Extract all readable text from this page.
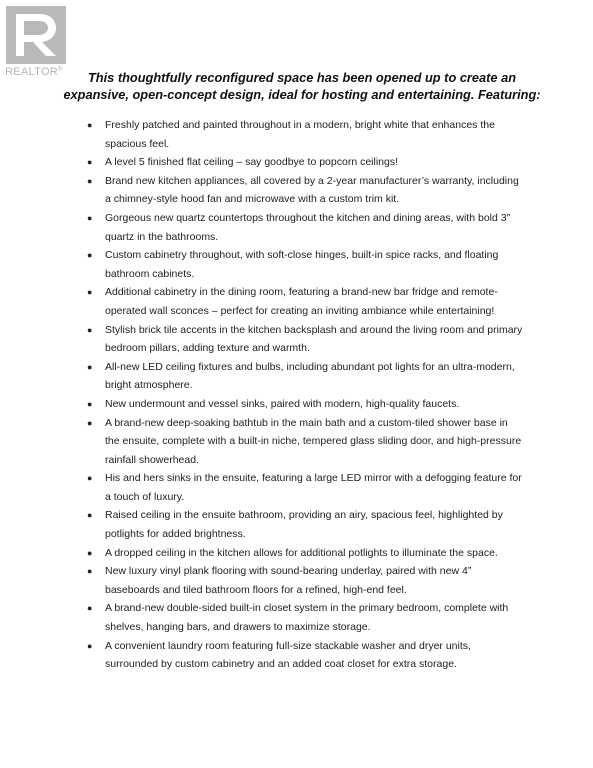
REALTOR®
This thoughtfully reconfigured space has been opened up to create an expansive, open-concept design, ideal for hosting and entertaining. Featuring:
● Freshly patched and painted throughout in a modern, bright white that enhances the spacious feel.
● A level 5 finished flat ceiling – say goodbye to popcorn ceilings!
● Brand new kitchen appliances, all covered by a 2-year manufacturer’s warranty, including a chimney-style hood fan and microwave with a custom trim kit.
● Gorgeous new quartz countertops throughout the kitchen and dining areas, with bold 3” quartz in the bathrooms.
● Custom cabinetry throughout, with soft-close hinges, built-in spice racks, and floating bathroom cabinets.
● Additional cabinetry in the dining room, featuring a brand-new bar fridge and remote-operated wall sconces – perfect for creating an inviting ambiance while entertaining!
● Stylish brick tile accents in the kitchen backsplash and around the living room and primary bedroom pillars, adding texture and warmth.
● All-new LED ceiling fixtures and bulbs, including abundant pot lights for an ultra-modern, bright atmosphere.
● New undermount and vessel sinks, paired with modern, high-quality faucets.
● A brand-new deep-soaking bathtub in the main bath and a custom-tiled shower base in the ensuite, complete with a built-in niche, tempered glass sliding door, and high-pressure rainfall showerhead.
● His and hers sinks in the ensuite, featuring a large LED mirror with a defogging feature for a touch of luxury.
● Raised ceiling in the ensuite bathroom, providing an airy, spacious feel, highlighted by potlights for added brightness.
● A dropped ceiling in the kitchen allows for additional potlights to illuminate the space.
● New luxury vinyl plank flooring with sound-bearing underlay, paired with new 4” baseboards and tiled bathroom floors for a refined, high-end feel.
● A brand-new double-sided built-in closet system in the primary bedroom, complete with shelves, hanging bars, and drawers to maximize storage.
● A convenient laundry room featuring full-size stackable washer and dryer units, surrounded by custom cabinetry and an added coat closet for extra storage.
